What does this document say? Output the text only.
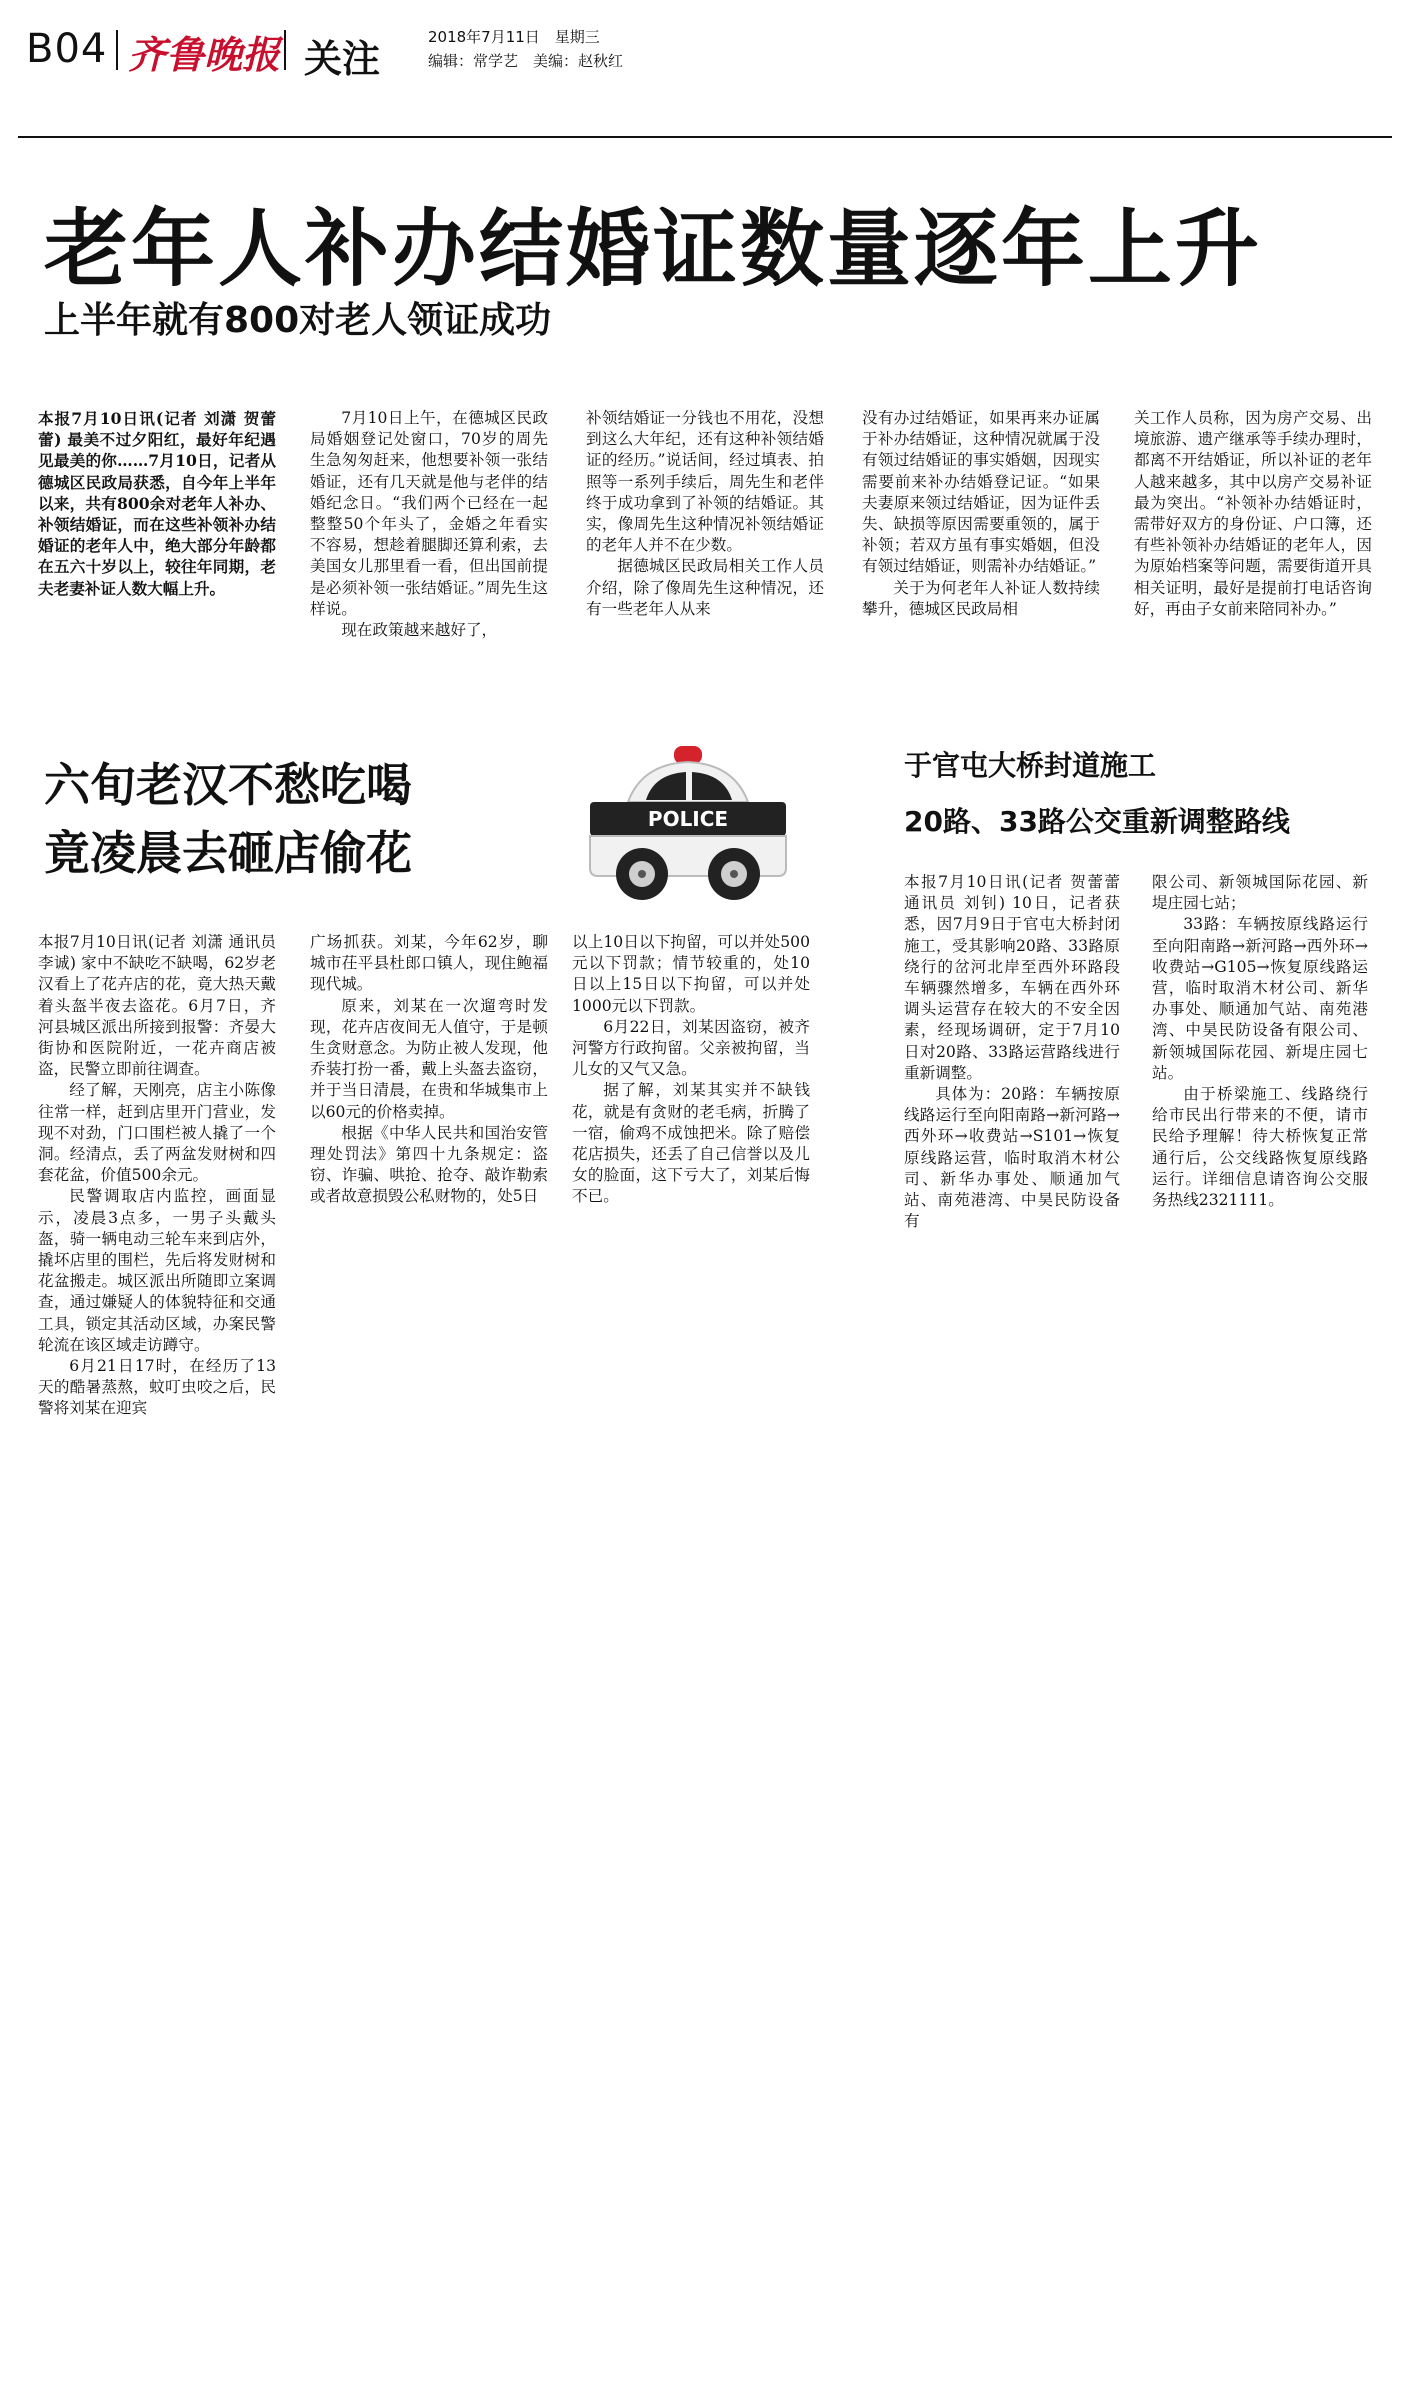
B04 齐鲁晚报 关注	2018年7月11日　星期三
编辑：常学艺　美编：赵秋红
老年人补办结婚证数量逐年上升
上半年就有800对老人领证成功

本报7月10日讯(记者 刘潇 贺蕾蕾) 最美不过夕阳红，最好年纪遇见最美的你……7月10日，记者从德城区民政局获悉，自今年上半年以来，共有800余对老年人补办、补领结婚证，而在这些补领补办结婚证的老年人中，绝大部分年龄都在五六十岁以上，较往年同期，老夫老妻补证人数大幅上升。

7月10日上午，在德城区民政局婚姻登记处窗口，70岁的周先生急匆匆赶来，他想要补领一张结婚证，还有几天就是他与老伴的结婚纪念日。“我们两个已经在一起整整50个年头了，金婚之年看实不容易，想趁着腿脚还算利索，去美国女儿那里看一看，但出国前提是必须补领一张结婚证。”周先生这样说。

现在政策越来越好了，

补领结婚证一分钱也不用花，没想到这么大年纪，还有这种补领结婚证的经历。”说话间，经过填表、拍照等一系列手续后，周先生和老伴终于成功拿到了补领的结婚证。其实，像周先生这种情况补领结婚证的老年人并不在少数。

据德城区民政局相关工作人员介绍，除了像周先生这种情况，还有一些老年人从来

没有办过结婚证，如果再来办证属于补办结婚证，这种情况就属于没有领过结婚证的事实婚姻，因现实需要前来补办结婚登记证。“如果夫妻原来领过结婚证，因为证件丢失、缺损等原因需要重领的，属于补领；若双方虽有事实婚姻，但没有领过结婚证，则需补办结婚证。”

关于为何老年人补证人数持续攀升，德城区民政局相

关工作人员称，因为房产交易、出境旅游、遗产继承等手续办理时，都离不开结婚证，所以补证的老年人越来越多，其中以房产交易补证最为突出。“补领补办结婚证时，需带好双方的身份证、户口簿，还有些补领补办结婚证的老年人，因为原始档案等问题，需要街道开具相关证明，最好是提前打电话咨询好，再由子女前来陪同补办。”

六旬老汉不愁吃喝
竟凌晨去砸店偷花
POLICE

本报7月10日讯(记者 刘潇 通讯员 李诚) 家中不缺吃不缺喝，62岁老汉看上了花卉店的花，竟大热天戴着头盔半夜去盗花。6月7日，齐河县城区派出所接到报警：齐晏大街协和医院附近，一花卉商店被盗，民警立即前往调查。

经了解，天刚亮，店主小陈像往常一样，赶到店里开门营业，发现不对劲，门口围栏被人撬了一个洞。经清点，丢了两盆发财树和四套花盆，价值500余元。

民警调取店内监控，画面显示，凌晨3点多，一男子头戴头盔，骑一辆电动三轮车来到店外，撬坏店里的围栏，先后将发财树和花盆搬走。城区派出所随即立案调查，通过嫌疑人的体貌特征和交通工具，锁定其活动区域，办案民警轮流在该区域走访蹲守。

6月21日17时，在经历了13天的酷暑蒸熬，蚊叮虫咬之后，民警将刘某在迎宾

广场抓获。刘某，今年62岁，聊城市茌平县杜郎口镇人，现住鲍福现代城。

原来，刘某在一次遛弯时发现，花卉店夜间无人值守，于是顿生贪财意念。为防止被人发现，他乔装打扮一番，戴上头盔去盗窃，并于当日清晨，在贵和华城集市上以60元的价格卖掉。

根据《中华人民共和国治安管理处罚法》第四十九条规定：盗窃、诈骗、哄抢、抢夺、敲诈勒索或者故意损毁公私财物的，处5日

以上10日以下拘留，可以并处500元以下罚款；情节较重的，处10日以上15日以下拘留，可以并处1000元以下罚款。

6月22日，刘某因盗窃，被齐河警方行政拘留。父亲被拘留，当儿女的又气又急。

据了解，刘某其实并不缺钱花，就是有贪财的老毛病，折腾了一宿，偷鸡不成蚀把米。除了赔偿花店损失，还丢了自己信誉以及儿女的脸面，这下亏大了，刘某后悔不已。

于官屯大桥封道施工
20路、33路公交重新调整路线

本报7月10日讯(记者 贺蕾蕾 通讯员 刘钊) 10日，记者获悉，因7月9日于官屯大桥封闭施工，受其影响20路、33路原绕行的岔河北岸至西外环路段车辆骤然增多，车辆在西外环调头运营存在较大的不安全因素，经现场调研，定于7月10日对20路、33路运营路线进行重新调整。

具体为：20路：车辆按原线路运行至向阳南路→新河路→西外环→收费站→S101→恢复原线路运营，临时取消木材公司、新华办事处、顺通加气站、南苑港湾、中昊民防设备有

限公司、新领城国际花园、新堤庄园七站；

33路：车辆按原线路运行至向阳南路→新河路→西外环→收费站→G105→恢复原线路运营，临时取消木材公司、新华办事处、顺通加气站、南苑港湾、中昊民防设备有限公司、新领城国际花园、新堤庄园七站。

由于桥梁施工、线路绕行给市民出行带来的不便，请市民给予理解！待大桥恢复正常通行后，公交线路恢复原线路运行。详细信息请咨询公交服务热线2321111。
